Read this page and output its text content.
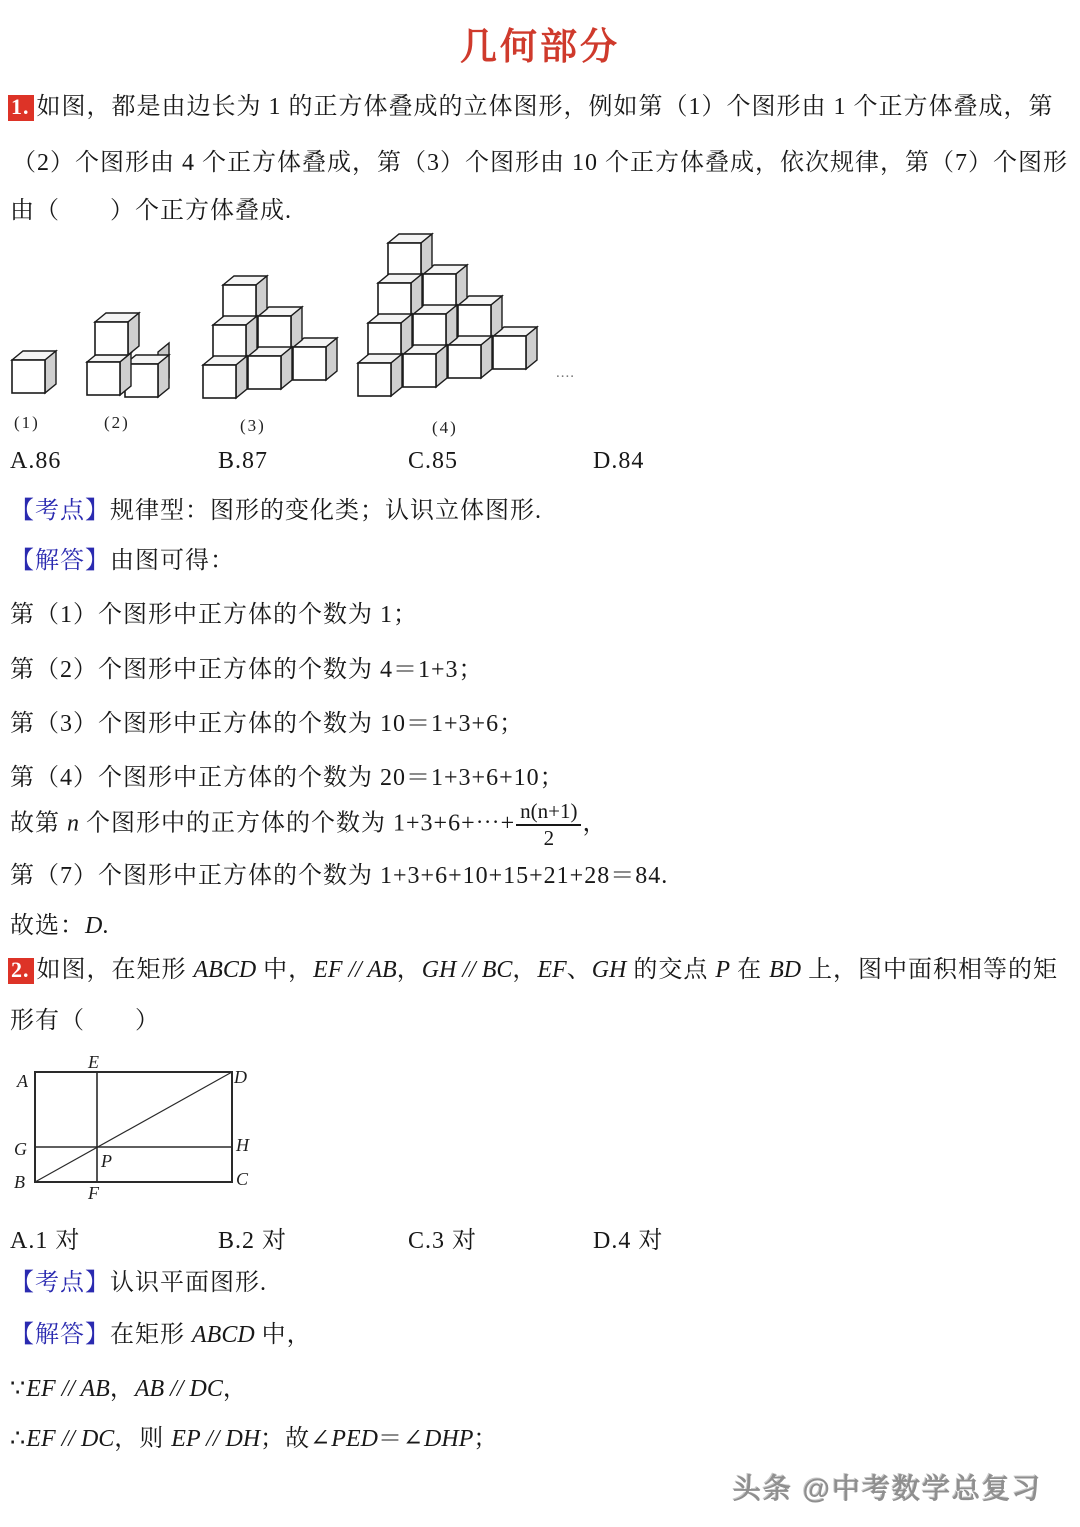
几何部分
1. 如图，都是由边长为 1 的正方体叠成的立体图形，例如第（1）个图形由 1 个正方体叠成，第
（2）个图形由 4 个正方体叠成，第（3）个图形由 10 个正方体叠成，依次规律，第（7）个图形
由（　　）个正方体叠成.
(1)	(2)	(3)	(4)
....
A.86	B.87	C.85	D.84
【考点】规律型：图形的变化类；认识立体图形.
【解答】由图可得：
第（1）个图形中正方体的个数为 1；
第（2）个图形中正方体的个数为 4＝1+3；
第（3）个图形中正方体的个数为 10＝1+3+6；
第（4）个图形中正方体的个数为 20＝1+3+6+10；
故第 n 个图形中的正方体的个数为 1+3+6+⋯+ $\frac{n(n+1)}{2}$ ，
第（7）个图形中正方体的个数为 1+3+6+10+15+21+28＝84.
故选：D.
2. 如图，在矩形 ABCD 中，EF // AB，GH // BC，EF、GH 的交点 P 在 BD 上，图中面积相等的矩
形有（　　）
A
E
D
G	H
P
B
F
C
A.1 对	B.2 对	C.3 对	D.4 对
【考点】认识平面图形.
【解答】在矩形 ABCD 中，
∵EF // AB，AB // DC，
∴EF // DC，则 EP // DH；故∠PED＝∠DHP；
头条 @中考数学总复习
